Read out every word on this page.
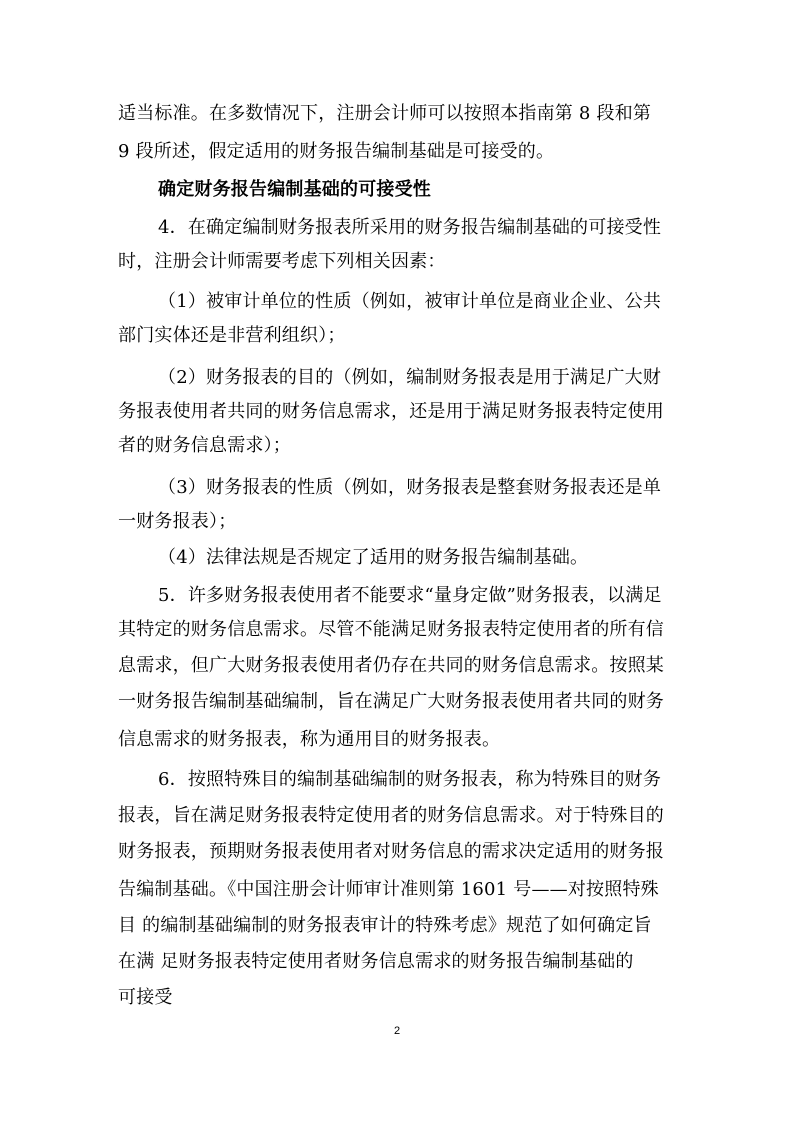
适当标准。在多数情况下，注册会计师可以按照本指南第 8 段和第
9 段所述，假定适用的财务报告编制基础是可接受的。
确定财务报告编制基础的可接受性
4．在确定编制财务报表所采用的财务报告编制基础的可接受性
时，注册会计师需要考虑下列相关因素：
（1）被审计单位的性质（例如，被审计单位是商业企业、公共
部门实体还是非营利组织）；
（2）财务报表的目的（例如，编制财务报表是用于满足广大财
务报表使用者共同的财务信息需求，还是用于满足财务报表特定使用
者的财务信息需求）；
（3）财务报表的性质（例如，财务报表是整套财务报表还是单
一财务报表）；
（4）法律法规是否规定了适用的财务报告编制基础。
5．许多财务报表使用者不能要求“量身定做”财务报表，以满足
其特定的财务信息需求。尽管不能满足财务报表特定使用者的所有信
息需求，但广大财务报表使用者仍存在共同的财务信息需求。按照某
一财务报告编制基础编制，旨在满足广大财务报表使用者共同的财务
信息需求的财务报表，称为通用目的财务报表。
6．按照特殊目的编制基础编制的财务报表，称为特殊目的财务
报表，旨在满足财务报表特定使用者的财务信息需求。对于特殊目的
财务报表，预期财务报表使用者对财务信息的需求决定适用的财务报
告编制基础。《中国注册会计师审计准则第 1601 号——对按照特殊
目 的编制基础编制的财务报表审计的特殊考虑》规范了如何确定旨
在满 足财务报表特定使用者财务信息需求的财务报告编制基础的
可接受
2
